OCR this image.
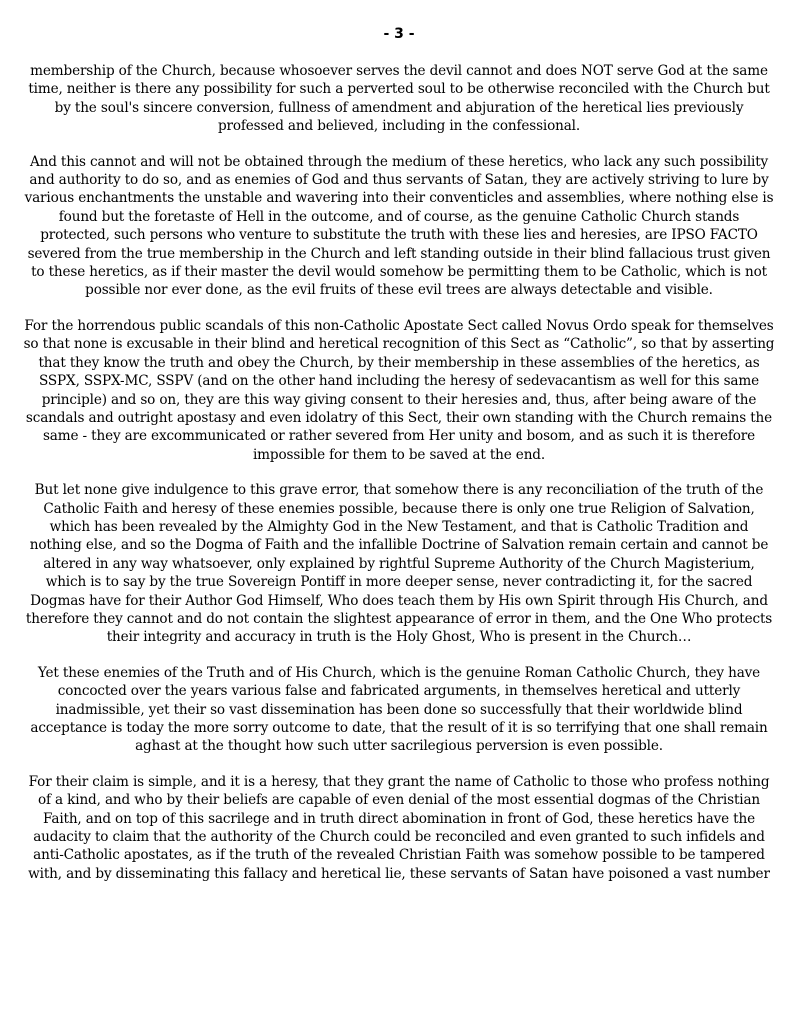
- 3 -

membership of the Church, because whosoever serves the devil cannot and does NOT serve God at the same time, neither is there any possibility for such a perverted soul to be otherwise reconciled with the Church but by the soul's sincere conversion, fullness of amendment and abjuration of the heretical lies previously professed and believed, including in the confessional.

And this cannot and will not be obtained through the medium of these heretics, who lack any such possibility and authority to do so, and as enemies of God and thus servants of Satan, they are actively striving to lure by various enchantments the unstable and wavering into their conventicles and assemblies, where nothing else is found but the foretaste of Hell in the outcome, and of course, as the genuine Catholic Church stands protected, such persons who venture to substitute the truth with these lies and heresies, are IPSO FACTO severed from the true membership in the Church and left standing outside in their blind fallacious trust given to these heretics, as if their master the devil would somehow be permitting them to be Catholic, which is not possible nor ever done, as the evil fruits of these evil trees are always detectable and visible.

For the horrendous public scandals of this non-Catholic Apostate Sect called Novus Ordo speak for themselves so that none is excusable in their blind and heretical recognition of this Sect as “Catholic”, so that by asserting that they know the truth and obey the Church, by their membership in these assemblies of the heretics, as SSPX, SSPX-MC, SSPV (and on the other hand including the heresy of sedevacantism as well for this same principle) and so on, they are this way giving consent to their heresies and, thus, after being aware of the scandals and outright apostasy and even idolatry of this Sect, their own standing with the Church remains the same - they are excommunicated or rather severed from Her unity and bosom, and as such it is therefore impossible for them to be saved at the end.

But let none give indulgence to this grave error, that somehow there is any reconciliation of the truth of the Catholic Faith and heresy of these enemies possible, because there is only one true Religion of Salvation, which has been revealed by the Almighty God in the New Testament, and that is Catholic Tradition and nothing else, and so the Dogma of Faith and the infallible Doctrine of Salvation remain certain and cannot be altered in any way whatsoever, only explained by rightful Supreme Authority of the Church Magisterium, which is to say by the true Sovereign Pontiff in more deeper sense, never contradicting it, for the sacred Dogmas have for their Author God Himself, Who does teach them by His own Spirit through His Church, and therefore they cannot and do not contain the slightest appearance of error in them, and the One Who protects their integrity and accuracy in truth is the Holy Ghost, Who is present in the Church…

Yet these enemies of the Truth and of His Church, which is the genuine Roman Catholic Church, they have concocted over the years various false and fabricated arguments, in themselves heretical and utterly inadmissible, yet their so vast dissemination has been done so successfully that their worldwide blind acceptance is today the more sorry outcome to date, that the result of it is so terrifying that one shall remain aghast at the thought how such utter sacrilegious perversion is even possible.

For their claim is simple, and it is a heresy, that they grant the name of Catholic to those who profess nothing of a kind, and who by their beliefs are capable of even denial of the most essential dogmas of the Christian Faith, and on top of this sacrilege and in truth direct abomination in front of God, these heretics have the audacity to claim that the authority of the Church could be reconciled and even granted to such infidels and anti-Catholic apostates, as if the truth of the revealed Christian Faith was somehow possible to be tampered with, and by disseminating this fallacy and heretical lie, these servants of Satan have poisoned a vast number
